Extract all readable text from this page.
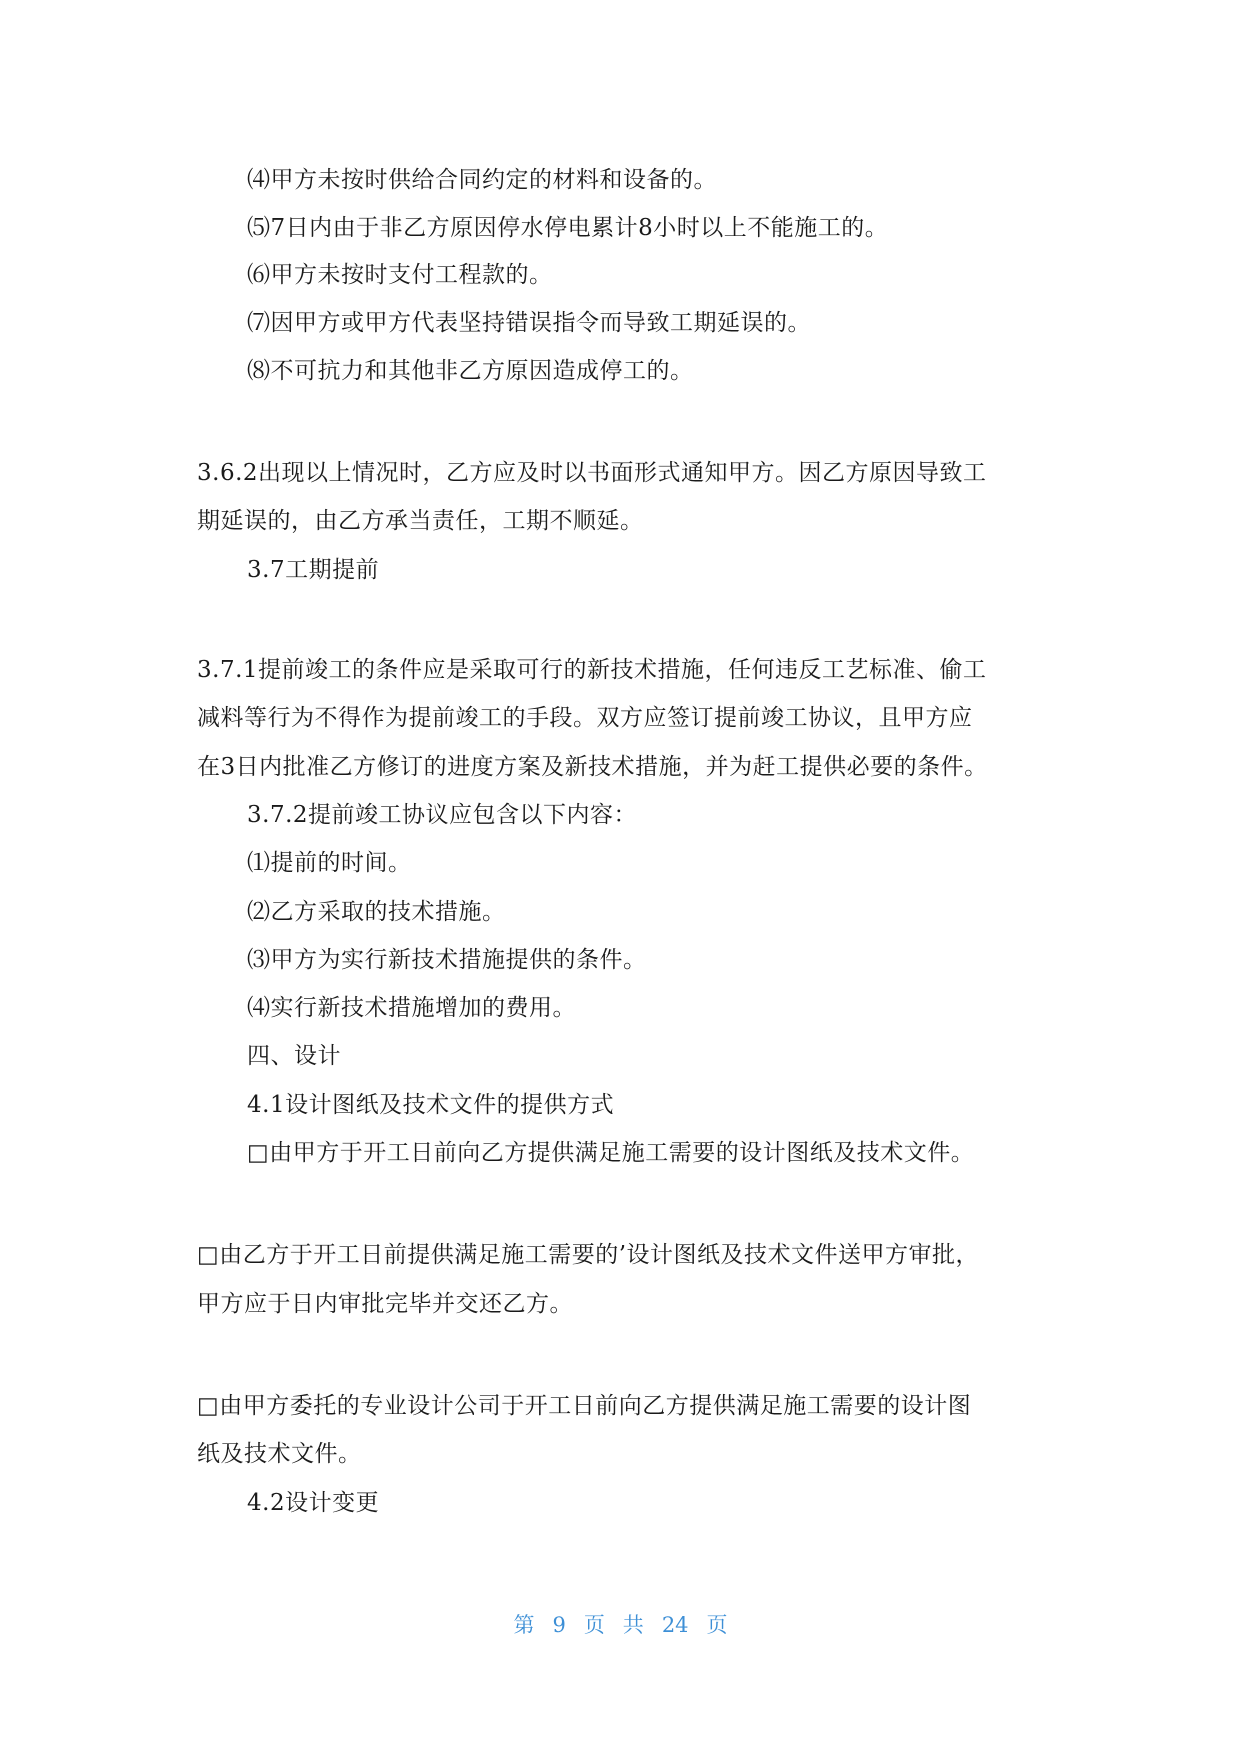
⑷甲方未按时供给合同约定的材料和设备的。
⑸7日内由于非乙方原因停水停电累计8小时以上不能施工的。
⑹甲方未按时支付工程款的。
⑺因甲方或甲方代表坚持错误指令而导致工期延误的。
⑻不可抗力和其他非乙方原因造成停工的。
3.6.2出现以上情况时，乙方应及时以书面形式通知甲方。因乙方原因导致工
期延误的，由乙方承当责任，工期不顺延。
3.7工期提前
3.7.1提前竣工的条件应是采取可行的新技术措施，任何违反工艺标准、偷工
减料等行为不得作为提前竣工的手段。双方应签订提前竣工协议，且甲方应
在3日内批准乙方修订的进度方案及新技术措施，并为赶工提供必要的条件。
3.7.2提前竣工协议应包含以下内容：
⑴提前的时间。
⑵乙方采取的技术措施。
⑶甲方为实行新技术措施提供的条件。
⑷实行新技术措施增加的费用。
四、设计
4.1设计图纸及技术文件的提供方式
□由甲方于开工日前向乙方提供满足施工需要的设计图纸及技术文件。
□由乙方于开工日前提供满足施工需要的’设计图纸及技术文件送甲方审批，
甲方应于日内审批完毕并交还乙方。
□由甲方委托的专业设计公司于开工日前向乙方提供满足施工需要的设计图
纸及技术文件。
4.2设计变更
第 9 页共24 页
